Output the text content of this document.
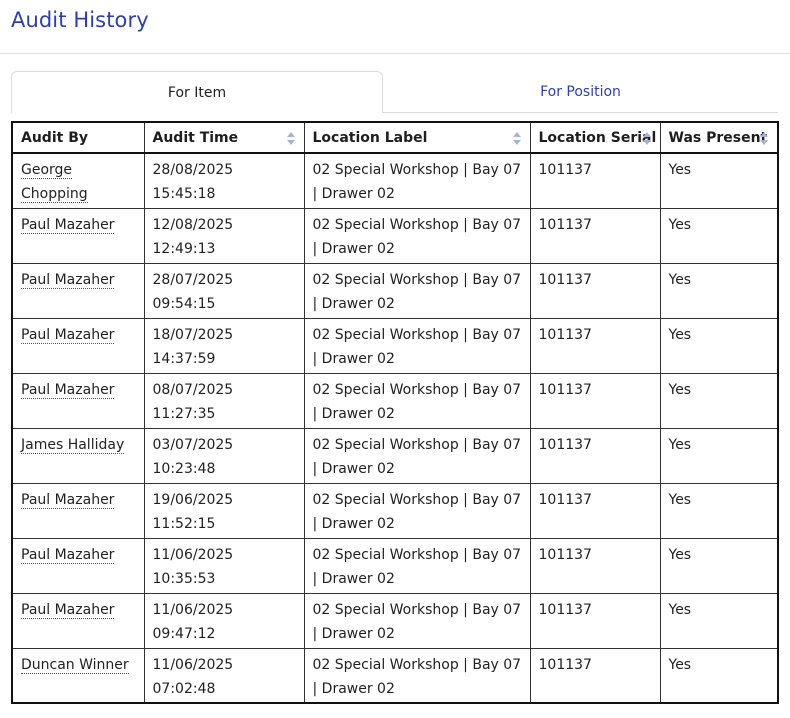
Audit History
For Item	For Position
Audit By	Audit Time	Location Label	Location Serial	Was Present

George Chopping	28/08/2025 15:45:18	02 Special Workshop | Bay 07 | Drawer 02	101137	Yes

Paul Mazaher	12/08/2025 12:49:13	02 Special Workshop | Bay 07 | Drawer 02	101137	Yes

Paul Mazaher	28/07/2025 09:54:15	02 Special Workshop | Bay 07 | Drawer 02	101137	Yes

Paul Mazaher	18/07/2025 14:37:59	02 Special Workshop | Bay 07 | Drawer 02	101137	Yes

Paul Mazaher	08/07/2025 11:27:35	02 Special Workshop | Bay 07 | Drawer 02	101137	Yes

James Halliday	03/07/2025 10:23:48	02 Special Workshop | Bay 07 | Drawer 02	101137	Yes

Paul Mazaher	19/06/2025 11:52:15	02 Special Workshop | Bay 07 | Drawer 02	101137	Yes

Paul Mazaher	11/06/2025 10:35:53	02 Special Workshop | Bay 07 | Drawer 02	101137	Yes

Paul Mazaher	11/06/2025 09:47:12	02 Special Workshop | Bay 07 | Drawer 02	101137	Yes

Duncan Winner	11/06/2025 07:02:48	02 Special Workshop | Bay 07 | Drawer 02	101137	Yes
